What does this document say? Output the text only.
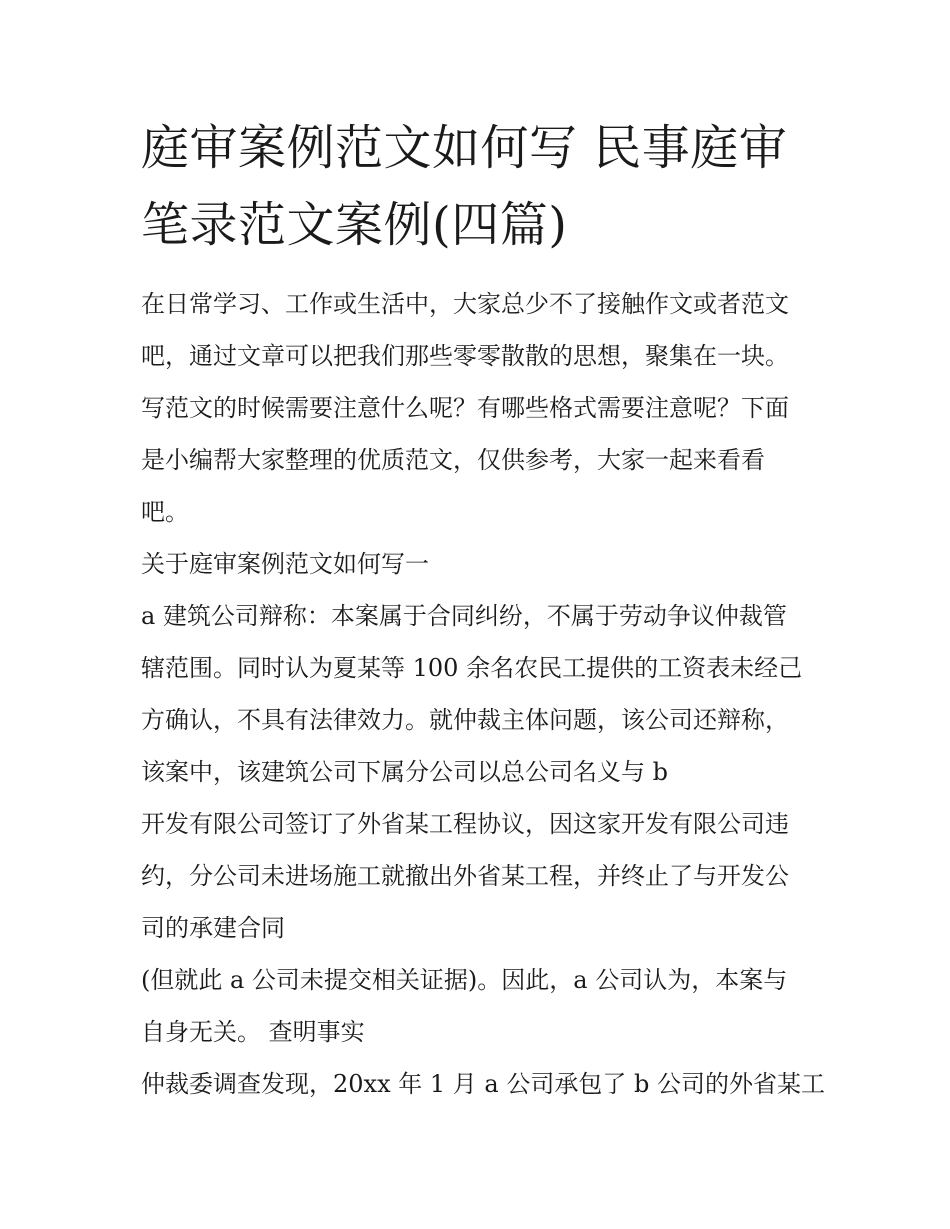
庭审案例范文如何写 民事庭审
笔录范文案例(四篇)
在日常学习、工作或生活中，大家总少不了接触作文或者范文
吧，通过文章可以把我们那些零零散散的思想，聚集在一块。
写范文的时候需要注意什么呢？有哪些格式需要注意呢？下面
是小编帮大家整理的优质范文，仅供参考，大家一起来看看
吧。
关于庭审案例范文如何写一
a 建筑公司辩称：本案属于合同纠纷，不属于劳动争议仲裁管
辖范围。同时认为夏某等 100 余名农民工提供的工资表未经己
方确认，不具有法律效力。就仲裁主体问题，该公司还辩称，
该案中，该建筑公司下属分公司以总公司名义与 b
开发有限公司签订了外省某工程协议，因这家开发有限公司违
约，分公司未进场施工就撤出外省某工程，并终止了与开发公
司的承建合同
(但就此 a 公司未提交相关证据)。因此，a 公司认为，本案与
自身无关。 查明事实
仲裁委调查发现，20xx 年 1 月 a 公司承包了 b 公司的外省某工
